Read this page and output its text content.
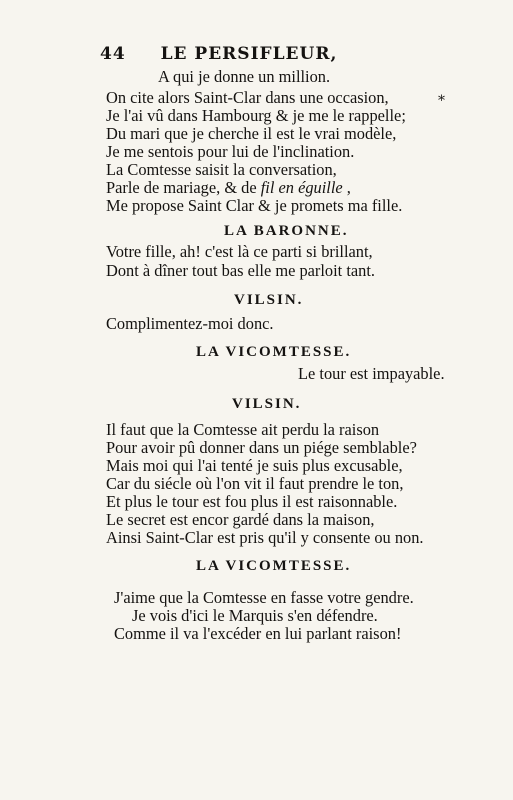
44 LE PERSIFLEUR,
*
A qui je donne un million.
On cite alors Saint-Clar dans une occasion,
Je l'ai vû dans Hambourg & je me le rappelle;
Du mari que je cherche il est le vrai modèle,
Je me sentois pour lui de l'inclination.
La Comtesse saisit la conversation,
Parle de mariage, & de fil en éguille ,
Me propose Saint Clar & je promets ma fille.
LA BARONNE.
Votre fille, ah! c'est là ce parti si brillant,
Dont à dîner tout bas elle me parloit tant.
VILSIN.
Complimentez-moi donc.
LA VICOMTESSE.
Le tour est impayable.
VILSIN.
Il faut que la Comtesse ait perdu la raison
Pour avoir pû donner dans un piége semblable?
Mais moi qui l'ai tenté je suis plus excusable,
Car du siécle où l'on vit il faut prendre le ton,
Et plus le tour est fou plus il est raisonnable.
Le secret est encor gardé dans la maison,
Ainsi Saint-Clar est pris qu'il y consente ou non.
LA VICOMTESSE.
J'aime que la Comtesse en fasse votre gendre.
Je vois d'ici le Marquis s'en défendre.
Comme il va l'excéder en lui parlant raison!
